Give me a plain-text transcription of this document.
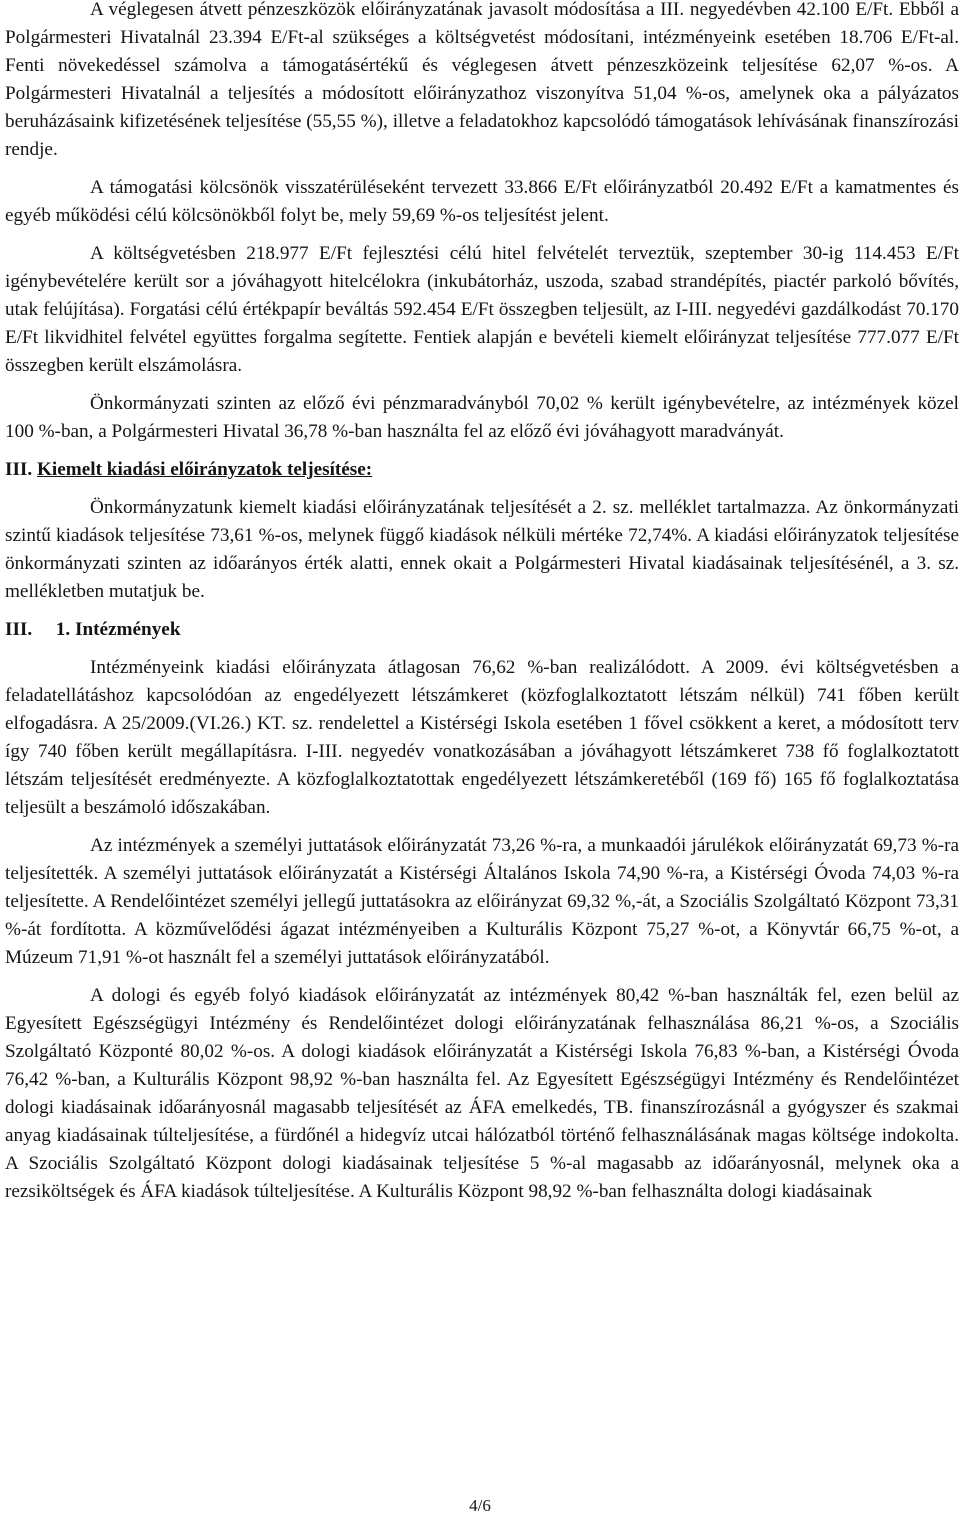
A véglegesen átvett pénzeszközök előirányzatának javasolt módosítása a III. negyedévben 42.100 E/Ft. Ebből a Polgármesteri Hivatalnál 23.394 E/Ft-al szükséges a költségvetést módosítani, intézményeink esetében 18.706 E/Ft-al. Fenti növekedéssel számolva a támogatásértékű és véglegesen átvett pénzeszközeink teljesítése 62,07 %-os. A Polgármesteri Hivatalnál a teljesítés a módosított előirányzathoz viszonyítva 51,04 %-os, amelynek oka a pályázatos beruházásaink kifizetésének teljesítése (55,55 %), illetve a feladatokhoz kapcsolódó támogatások lehívásának finanszírozási rendje.

A támogatási kölcsönök visszatérüléseként tervezett 33.866 E/Ft előirányzatból 20.492 E/Ft a kamatmentes és egyéb működési célú kölcsönökből folyt be, mely 59,69 %-os teljesítést jelent.

A költségvetésben 218.977 E/Ft fejlesztési célú hitel felvételét terveztük, szeptember 30-ig 114.453 E/Ft igénybevételére került sor a jóváhagyott hitelcélokra (inkubátorház, uszoda, szabad strandépítés, piactér parkoló bővítés, utak felújítása). Forgatási célú értékpapír beváltás 592.454 E/Ft összegben teljesült, az I-III. negyedévi gazdálkodást 70.170 E/Ft likvidhitel felvétel együttes forgalma segítette. Fentiek alapján e bevételi kiemelt előirányzat teljesítése 777.077 E/Ft összegben került elszámolásra.

Önkormányzati szinten az előző évi pénzmaradványból 70,02 % került igénybevételre, az intézmények közel 100 %-ban, a Polgármesteri Hivatal 36,78 %-ban használta fel az előző évi jóváhagyott maradványát.

III. Kiemelt kiadási előirányzatok teljesítése:

Önkormányzatunk kiemelt kiadási előirányzatának teljesítését a 2. sz. melléklet tartalmazza. Az önkormányzati szintű kiadások teljesítése 73,61 %-os, melynek függő kiadások nélküli mértéke 72,74%. A kiadási előirányzatok teljesítése önkormányzati szinten az időarányos érték alatti, ennek okait a Polgármesteri Hivatal kiadásainak teljesítésénél, a 3. sz. mellékletben mutatjuk be.

III. 1. Intézmények

Intézményeink kiadási előirányzata átlagosan 76,62 %-ban realizálódott. A 2009. évi költségvetésben a feladatellátáshoz kapcsolódóan az engedélyezett létszámkeret (közfoglalkoztatott létszám nélkül) 741 főben került elfogadásra. A 25/2009.(VI.26.) KT. sz. rendelettel a Kistérségi Iskola esetében 1 fővel csökkent a keret, a módosított terv így 740 főben került megállapításra. I-III. negyedév vonatkozásában a jóváhagyott létszámkeret 738 fő foglalkoztatott létszám teljesítését eredményezte. A közfoglalkoztatottak engedélyezett létszámkeretéből (169 fő) 165 fő foglalkoztatása teljesült a beszámoló időszakában.

Az intézmények a személyi juttatások előirányzatát 73,26 %-ra, a munkaadói járulékok előirányzatát 69,73 %-ra teljesítették. A személyi juttatások előirányzatát a Kistérségi Általános Iskola 74,90 %-ra, a Kistérségi Óvoda 74,03 %-ra teljesítette. A Rendelőintézet személyi jellegű juttatásokra az előirányzat 69,32 %,-át, a Szociális Szolgáltató Központ 73,31 %-át fordította. A közművelődési ágazat intézményeiben a Kulturális Központ 75,27 %-ot, a Könyvtár 66,75 %-ot, a Múzeum 71,91 %-ot használt fel a személyi juttatások előirányzatából.

A dologi és egyéb folyó kiadások előirányzatát az intézmények 80,42 %-ban használták fel, ezen belül az Egyesített Egészségügyi Intézmény és Rendelőintézet dologi előirányzatának felhasználása 86,21 %-os, a Szociális Szolgáltató Központé 80,02 %-os. A dologi kiadások előirányzatát a Kistérségi Iskola 76,83 %-ban, a Kistérségi Óvoda 76,42 %-ban, a Kulturális Központ 98,92 %-ban használta fel. Az Egyesített Egészségügyi Intézmény és Rendelőintézet dologi kiadásainak időarányosnál magasabb teljesítését az ÁFA emelkedés, TB. finanszírozásnál a gyógyszer és szakmai anyag kiadásainak túlteljesítése, a fürdőnél a hidegvíz utcai hálózatból történő felhasználásának magas költsége indokolta. A Szociális Szolgáltató Központ dologi kiadásainak teljesítése 5 %-al magasabb az időarányosnál, melynek oka a rezsiköltségek és ÁFA kiadások túlteljesítése. A Kulturális Központ 98,92 %-ban felhasználta dologi kiadásainak

4/6
